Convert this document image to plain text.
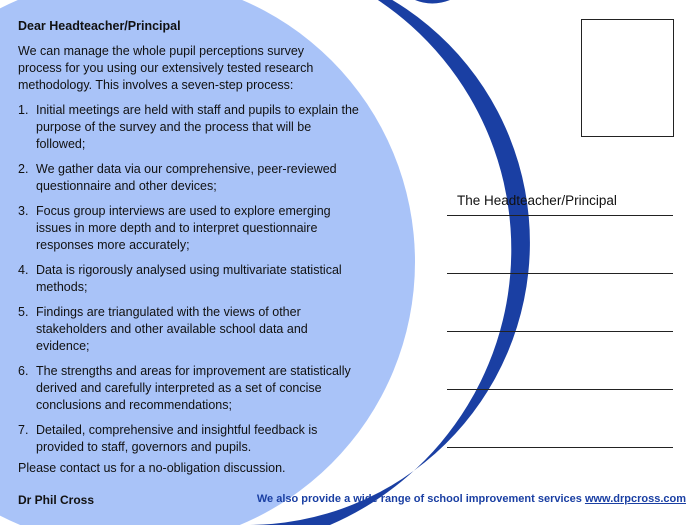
Dear Headteacher/Principal

We can manage the whole pupil perceptions survey process for you using our extensively tested research methodology. This involves a seven-step process:

1. Initial meetings are held with staff and pupils to explain the purpose of the survey and the process that will be followed;
2. We gather data via our comprehensive, peer-reviewed questionnaire and other devices;
3. Focus group interviews are used to explore emerging issues in more depth and to interpret questionnaire responses more accurately;
4. Data is rigorously analysed using multivariate statistical methods;
5. Findings are triangulated with the views of other stakeholders and other available school data and evidence;
6. The strengths and areas for improvement are statistically derived and carefully interpreted as a set of concise conclusions and recommendations;
7. Detailed, comprehensive and insightful feedback is provided to staff, governors and pupils.

Please contact us for a no-obligation discussion.

Dr Phil Cross	We also provide a wide range of school improvement services www.drpcross.com

The Headteacher/Principal
